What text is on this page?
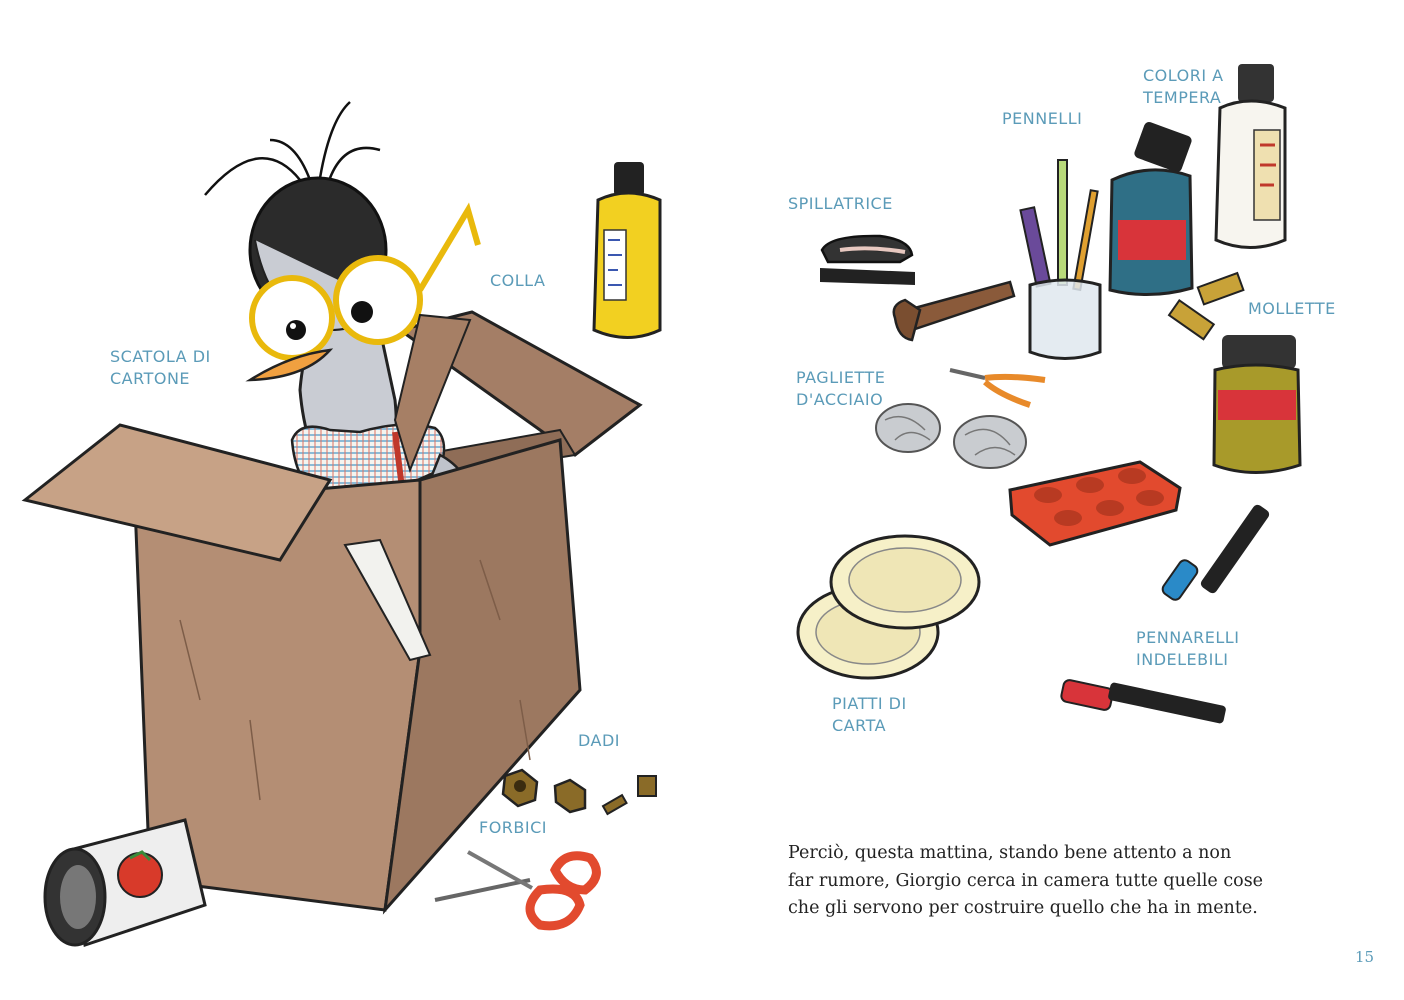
SCATOLA DI
CARTONE
COLLA
DADI
FORBICI
SPILLATRICE
PENNELLI
COLORI A
TEMPERA
MOLLETTE
PAGLIETTE
D'ACCIAIO
PIATTI DI
CARTA
PENNARELLI
INDELEBILI
Perciò, questa mattina, stando bene attento a non
far rumore, Giorgio cerca in camera tutte quelle cose
che gli servono per costruire quello che ha in mente.
15
